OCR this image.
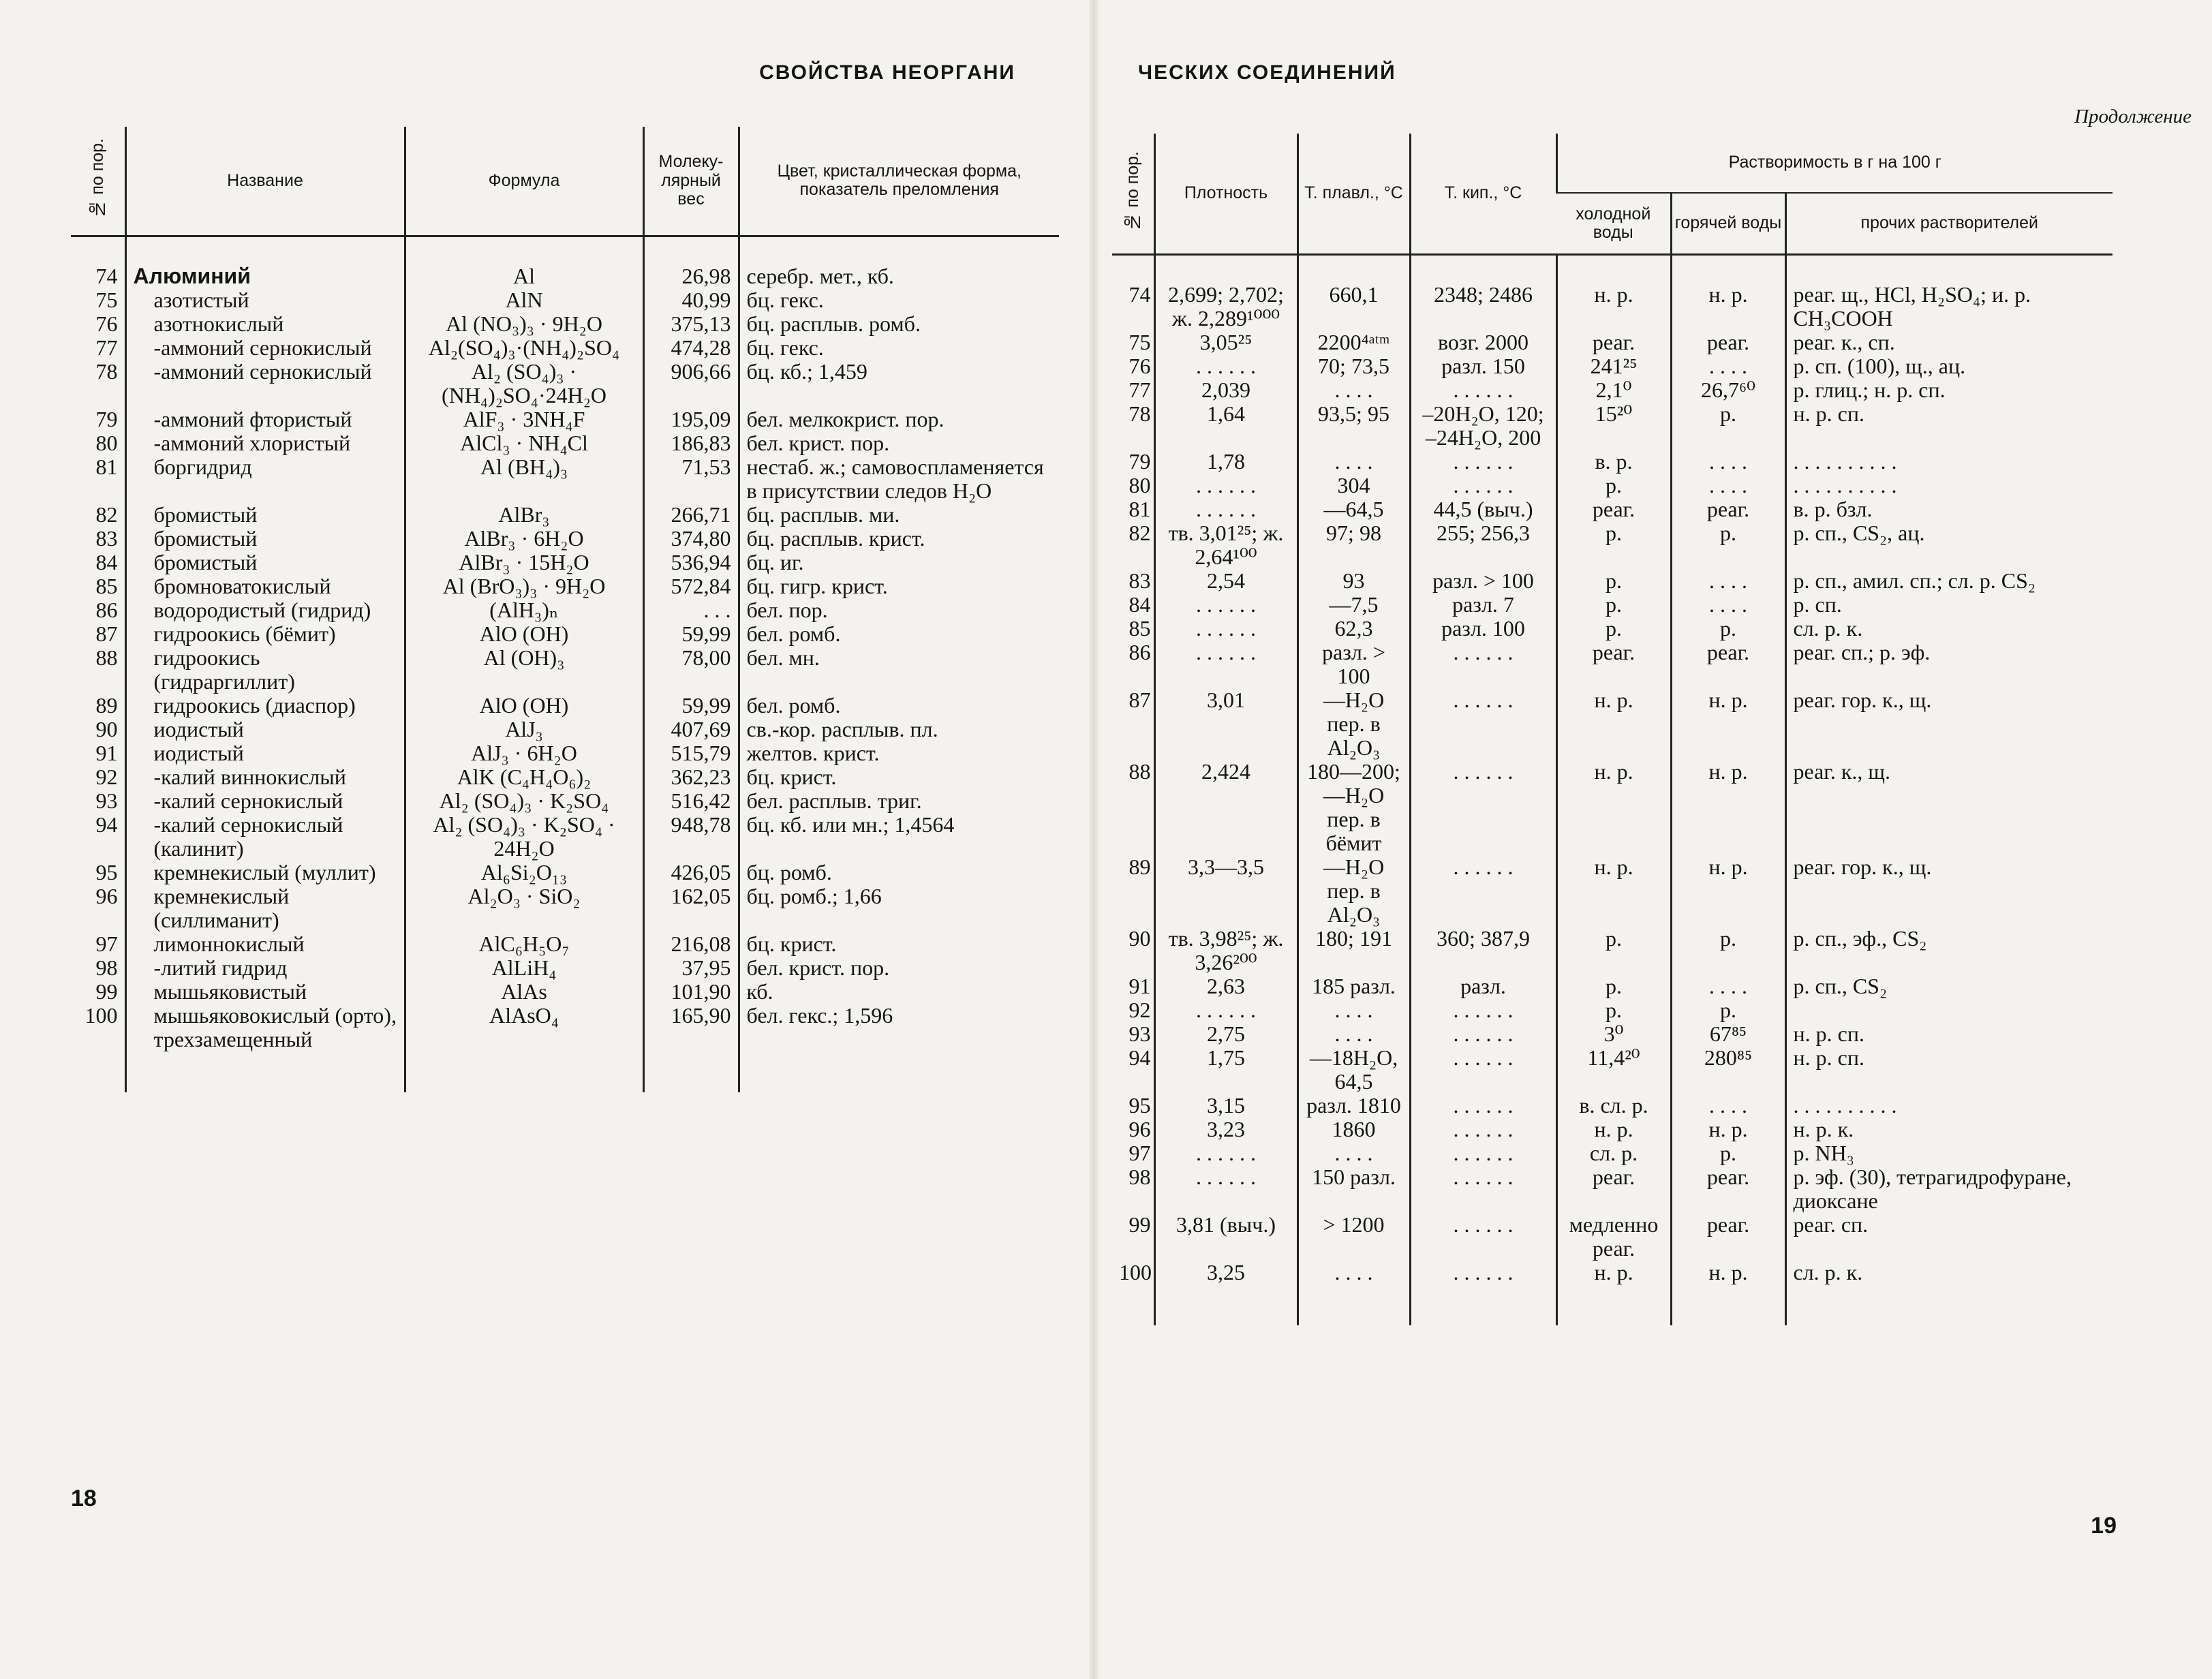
СВОЙСТВА НЕОРГАНИ
№ по пор.	Название	Формула	Молеку-лярный вес	Цвет, кристаллическая форма, показатель преломления
74	Алюминий	Al	26,98	серебр. мет., кб.
75	азотистый	AlN	40,99	бц. гекс.
76	азотнокислый	Al (NO₃)₃ · 9H₂O	375,13	бц. расплыв. ромб.
77	-аммоний сернокислый	Al₂(SO₄)₃·(NH₄)₂SO₄	474,28	бц. гекс.
78	-аммоний сернокислый	Al₂ (SO₄)₃ · (NH₄)₂SO₄·24H₂O	906,66	бц. кб.; 1,459
79	-аммоний фтористый	AlF₃ · 3NH₄F	195,09	бел. мелкокрист. пор.
80	-аммоний хлористый	AlCl₃ · NH₄Cl	186,83	бел. крист. пор.
81	боргидрид	Al (BH₄)₃	71,53	нестаб. ж.; самовоспламеняется в присутствии следов H₂O
82	бромистый	AlBr₃	266,71	бц. расплыв. ми.
83	бромистый	AlBr₃ · 6H₂O	374,80	бц. расплыв. крист.
84	бромистый	AlBr₃ · 15H₂O	536,94	бц. иг.
85	бромноватокислый	Al (BrO₃)₃ · 9H₂O	572,84	бц. гигр. крист.
86	водородистый (гидрид)	(AlH₃)ₙ	. . .	бел. пор.
87	гидроокись (бёмит)	AlO (OH)	59,99	бел. ромб.
88	гидроокись (гидраргиллит)	Al (OH)₃	78,00	бел. мн.
89	гидроокись (диаспор)	AlO (OH)	59,99	бел. ромб.
90	иодистый	AlJ₃	407,69	св.-кор. расплыв. пл.
91	иодистый	AlJ₃ · 6H₂O	515,79	желтов. крист.
92	-калий виннокислый	AlK (C₄H₄O₆)₂	362,23	бц. крист.
93	-калий сернокислый	Al₂ (SO₄)₃ · K₂SO₄	516,42	бел. расплыв. триг.
94	-калий сернокислый (калинит)	Al₂ (SO₄)₃ · K₂SO₄ · 24H₂O	948,78	бц. кб. или мн.; 1,4564
95	кремнекислый (муллит)	Al₆Si₂O₁₃	426,05	бц. ромб.
96	кремнекислый (силлиманит)	Al₂O₃ · SiO₂	162,05	бц. ромб.; 1,66
97	лимоннокислый	AlC₆H₅O₇	216,08	бц. крист.
98	-литий гидрид	AlLiH₄	37,95	бел. крист. пор.
99	мышьяковистый	AlAs	101,90	кб.
100	мышьяковокислый (орто), трехзамещенный	AlAsO₄	165,90	бел. гекс.; 1,596
18
ЧЕСКИХ СОЕДИНЕНИЙ
Продолжение
№ по пор.	Плотность	Т. плавл., °C	Т. кип., °C	Растворимость в г на 100 г		
				холодной воды	горячей воды	прочих растворителей
74	2,699; 2,702; ж. 2,289¹⁰⁰⁰	660,1	2348; 2486	н. р.	н. р.	реаг. щ., HCl, H₂SO₄; и. р. CH₃COOH
75	3,05²⁵	2200⁴ᵃᵗᵐ	возг. 2000	реаг.	реаг.	реаг. к., сп.
76	. . . . . .	70; 73,5	разл. 150	241²⁵	. . . .	р. сп. (100), щ., ац.
77	2,039	. . . .	. . . . . .	2,1⁰	26,7⁶⁰	р. глиц.; н. р. сп.
78	1,64	93,5; 95	–20H₂O, 120; –24H₂O, 200	15²⁰	р.	н. р. сп.
79	1,78	. . . .	. . . . . .	в. р.	. . . .	. . . . . . . . . .
80	. . . . . .	304	. . . . . .	р.	. . . .	. . . . . . . . . .
81	. . . . . .	—64,5	44,5 (выч.)	реаг.	реаг.	в. р. бзл.
82	тв. 3,01²⁵; ж. 2,64¹⁰⁰	97; 98	255; 256,3	р.	р.	р. сп., CS₂, ац.
83	2,54	93	разл. > 100	р.	. . . .	р. сп., амил. сп.; сл. р. CS₂
84	. . . . . .	—7,5	разл. 7	р.	. . . .	р. сп.
85	. . . . . .	62,3	разл. 100	р.	р.	сл. р. к.
86	. . . . . .	разл. > 100	. . . . . .	реаг.	реаг.	реаг. сп.; р. эф.
87	3,01	—H₂O пер. в Al₂O₃	. . . . . .	н. р.	н. р.	реаг. гор. к., щ.
88	2,424	180—200; —H₂O пер. в бёмит	. . . . . .	н. р.	н. р.	реаг. к., щ.
89	3,3—3,5	—H₂O пер. в Al₂O₃	. . . . . .	н. р.	н. р.	реаг. гор. к., щ.
90	тв. 3,98²⁵; ж. 3,26²⁰⁰	180; 191	360; 387,9	р.	р.	р. сп., эф., CS₂
91	2,63	185 разл.	разл.	р.	. . . .	р. сп., CS₂
92	. . . . . .	. . . .	. . . . . .	р.	р.	
93	2,75	. . . .	. . . . . .	3⁰	67⁸⁵	н. р. сп.
94	1,75	—18H₂O, 64,5	. . . . . .	11,4²⁰	280⁸⁵	н. р. сп.
95	3,15	разл. 1810	. . . . . .	в. сл. р.	. . . .	. . . . . . . . . .
96	3,23	1860	. . . . . .	н. р.	н. р.	н. р. к.
97	. . . . . .	. . . .	. . . . . .	сл. р.	р.	р. NH₃
98	. . . . . .	150 разл.	. . . . . .	реаг.	реаг.	р. эф. (30), тетрагидрофуране, диоксане
99	3,81 (выч.)	> 1200	. . . . . .	медленно реаг.	реаг.	реаг. сп.
100	3,25	. . . .	. . . . . .	н. р.	н. р.	сл. р. к.
19
